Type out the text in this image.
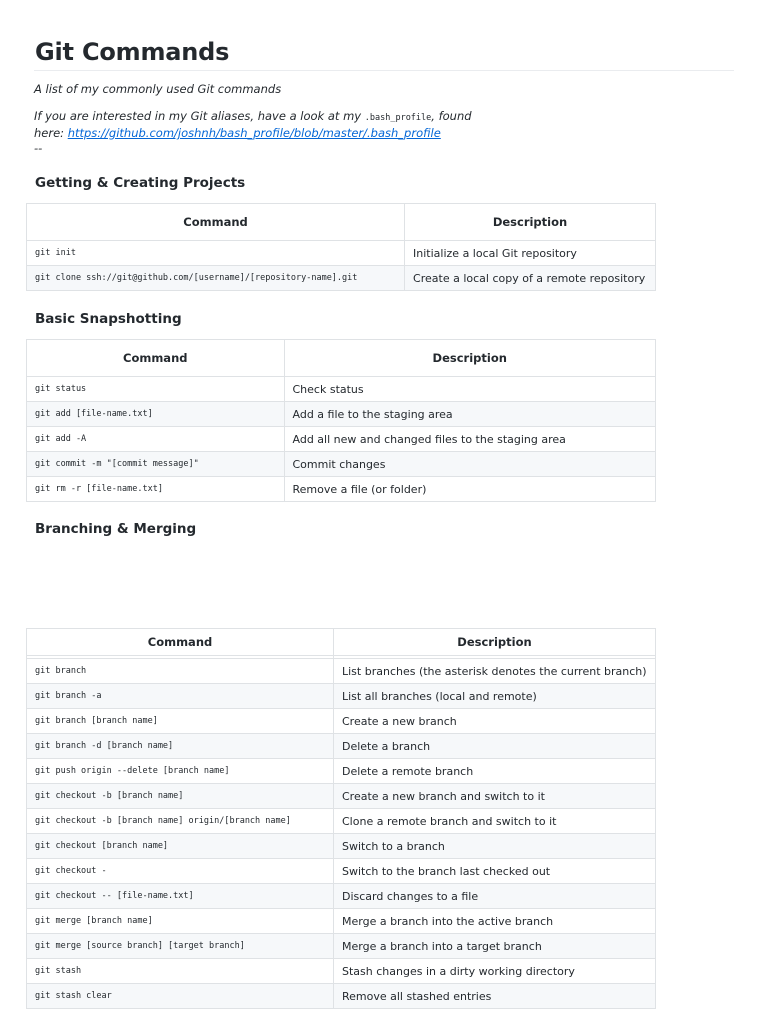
Git Commands

A list of my commonly used Git commands

If you are interested in my Git aliases, have a look at my .bash_profile, found
here: https://github.com/joshnh/bash_profile/blob/master/.bash_profile
--

Getting & Creating Projects
Command	Description
git init	Initialize a local Git repository
git clone ssh://git@github.com/[username]/[repository-name].git	Create a local copy of a remote repository
Basic Snapshotting
Command	Description
git status	Check status
git add [file-name.txt]	Add a file to the staging area
git add -A	Add all new and changed files to the staging area
git commit -m "[commit message]"	Commit changes
git rm -r [file-name.txt]	Remove a file (or folder)
Branching & Merging
Command	Description

git branch	List branches (the asterisk denotes the current branch)
git branch -a	List all branches (local and remote)
git branch [branch name]	Create a new branch
git branch -d [branch name]	Delete a branch
git push origin --delete [branch name]	Delete a remote branch
git checkout -b [branch name]	Create a new branch and switch to it
git checkout -b [branch name] origin/[branch name]	Clone a remote branch and switch to it
git checkout [branch name]	Switch to a branch
git checkout -	Switch to the branch last checked out
git checkout -- [file-name.txt]	Discard changes to a file
git merge [branch name]	Merge a branch into the active branch
git merge [source branch] [target branch]	Merge a branch into a target branch
git stash	Stash changes in a dirty working directory
git stash clear	Remove all stashed entries
